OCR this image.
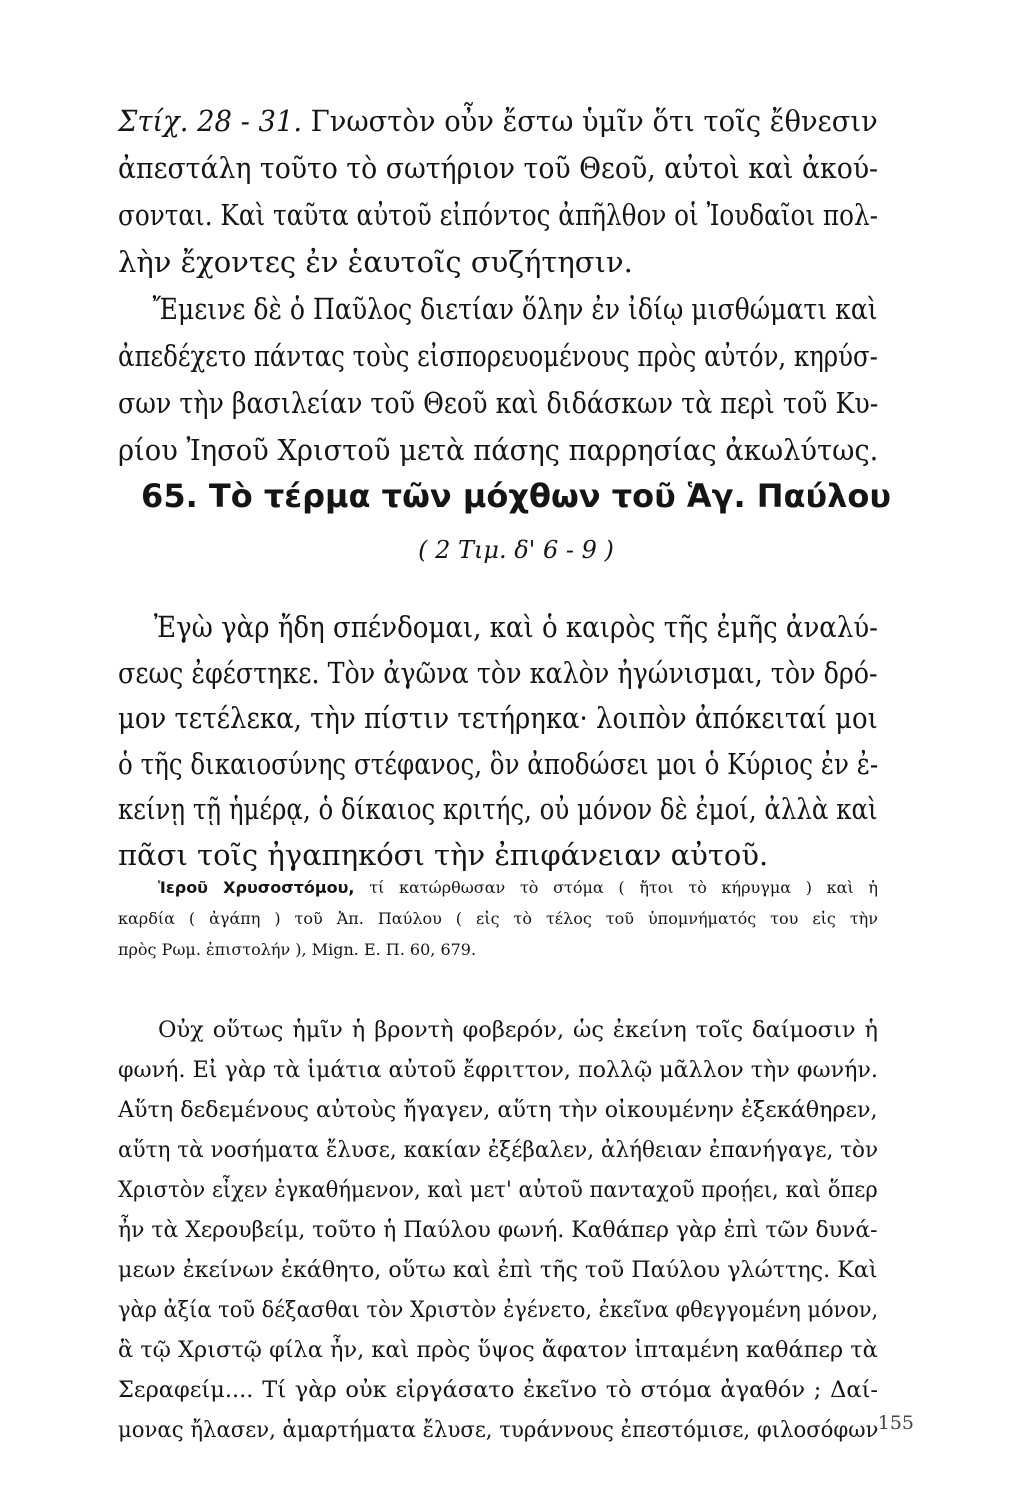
Στίχ. 28 - 31. Γνωστὸν οὖν ἔστω ὑμῖν ὅτι τοῖς ἔθνεσιν
ἀπεστάλη τοῦτο τὸ σωτήριον τοῦ Θεοῦ, αὐτοὶ καὶ ἀκού-
σονται. Καὶ ταῦτα αὐτοῦ εἰπόντος ἀπῆλθον οἱ Ἰουδαῖοι πολ-
λὴν ἔχοντες ἐν ἑαυτοῖς συζήτησιν.
Ἔμεινε δὲ ὁ Παῦλος διετίαν ὅλην ἐν ἰδίῳ μισθώματι καὶ
ἀπεδέχετο πάντας τοὺς εἰσπορευομένους πρὸς αὐτόν, κηρύσ-
σων τὴν βασιλείαν τοῦ Θεοῦ καὶ διδάσκων τὰ περὶ τοῦ Κυ-
ρίου Ἰησοῦ Χριστοῦ μετὰ πάσης παρρησίας ἀκωλύτως.
65. Τὸ τέρμα τῶν μόχθων τοῦ Ἁγ. Παύλου
( 2 Τιμ. δ' 6 - 9 )
Ἐγὼ γὰρ ἤδη σπένδομαι, καὶ ὁ καιρὸς τῆς ἐμῆς ἀναλύ-
σεως ἐφέστηκε. Τὸν ἀγῶνα τὸν καλὸν ἠγώνισμαι, τὸν δρό-
μον τετέλεκα, τὴν πίστιν τετήρηκα· λοιπὸν ἀπόκειταί μοι
ὁ τῆς δικαιοσύνης στέφανος, ὃν ἀποδώσει μοι ὁ Κύριος ἐν ἐ-
κείνῃ τῇ ἡμέρᾳ, ὁ δίκαιος κριτής, οὐ μόνον δὲ ἐμοί, ἀλλὰ καὶ
πᾶσι τοῖς ἠγαπηκόσι τὴν ἐπιφάνειαν αὐτοῦ.
Ἱεροῦ Χρυσοστόμου, τί κατώρθωσαν τὸ στόμα ( ἤτοι τὸ κήρυγμα ) καὶ ἡ
καρδία ( ἀγάπη ) τοῦ Ἀπ. Παύλου ( εἰς τὸ τέλος τοῦ ὑπομνήματός του εἰς τὴν
πρὸς Ρωμ. ἐπιστολήν ), Mign. E. Π. 60, 679.
Οὐχ οὕτως ἡμῖν ἡ βροντὴ φοβερόν, ὡς ἐκείνη τοῖς δαίμοσιν ἡ
φωνή. Εἰ γὰρ τὰ ἱμάτια αὐτοῦ ἔφριττον, πολλῷ μᾶλλον τὴν φωνήν.
Αὕτη δεδεμένους αὐτοὺς ἤγαγεν, αὕτη τὴν οἰκουμένην ἐξεκάθηρεν,
αὕτη τὰ νοσήματα ἔλυσε, κακίαν ἐξέβαλεν, ἀλήθειαν ἐπανήγαγε, τὸν
Χριστὸν εἶχεν ἐγκαθήμενον, καὶ μετ' αὐτοῦ πανταχοῦ προῄει, καὶ ὅπερ
ἦν τὰ Χερουβείμ, τοῦτο ἡ Παύλου φωνή. Καθάπερ γὰρ ἐπὶ τῶν δυνά-
μεων ἐκείνων ἐκάθητο, οὕτω καὶ ἐπὶ τῆς τοῦ Παύλου γλώττης. Καὶ
γὰρ ἀξία τοῦ δέξασθαι τὸν Χριστὸν ἐγένετο, ἐκεῖνα φθεγγομένη μόνον,
ἃ τῷ Χριστῷ φίλα ἦν, καὶ πρὸς ὕψος ἄφατον ἱπταμένη καθάπερ τὰ
Σεραφείμ.... Τί γὰρ οὐκ εἰργάσατο ἐκεῖνο τὸ στόμα ἀγαθόν ; Δαί-
μονας ἤλασεν, ἁμαρτήματα ἔλυσε, τυράννους ἐπεστόμισε, φιλοσόφων 155
